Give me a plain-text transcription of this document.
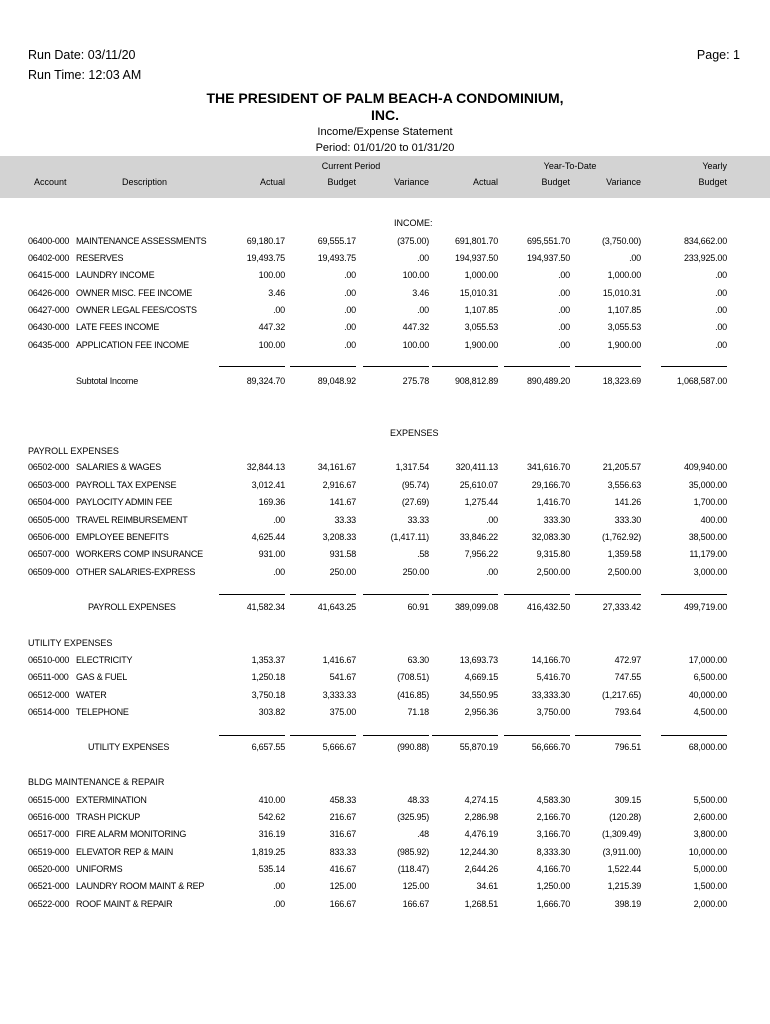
Run Date: 03/11/20
Run Time: 12:03 AM
Page: 1
THE PRESIDENT OF PALM BEACH-A CONDOMINIUM,
INC.
Income/Expense Statement
Period: 01/01/20 to 01/31/20
Current Period	Year-To-Date	Yearly
Account	Description	Actual	Budget	Variance	Actual	Budget	Variance	Budget
INCOME:
06400-000 MAINTENANCE ASSESSMENTS	69,180.17	69,555.17	(375.00)	691,801.70	695,551.70	(3,750.00)	834,662.00
06402-000 RESERVES	19,493.75	19,493.75	.00	194,937.50	194,937.50	.00	233,925.00
06415-000 LAUNDRY INCOME	100.00	.00	100.00	1,000.00	.00	1,000.00	.00
06426-000 OWNER MISC. FEE INCOME	3.46	.00	3.46	15,010.31	.00	15,010.31	.00
06427-000 OWNER LEGAL FEES/COSTS	.00	.00	.00	1,107.85	.00	1,107.85	.00
06430-000 LATE FEES INCOME	447.32	.00	447.32	3,055.53	.00	3,055.53	.00
06435-000 APPLICATION FEE INCOME	100.00	.00	100.00	1,900.00	.00	1,900.00	.00
Subtotal Income	89,324.70	89,048.92	275.78	908,812.89	890,489.20	18,323.69	1,068,587.00
EXPENSES
PAYROLL EXPENSES
06502-000 SALARIES & WAGES	32,844.13	34,161.67	1,317.54	320,411.13	341,616.70	21,205.57	409,940.00
06503-000 PAYROLL TAX EXPENSE	3,012.41	2,916.67	(95.74)	25,610.07	29,166.70	3,556.63	35,000.00
06504-000 PAYLOCITY ADMIN FEE	169.36	141.67	(27.69)	1,275.44	1,416.70	141.26	1,700.00
06505-000 TRAVEL REIMBURSEMENT	.00	33.33	33.33	.00	333.30	333.30	400.00
06506-000 EMPLOYEE BENEFITS	4,625.44	3,208.33	(1,417.11)	33,846.22	32,083.30	(1,762.92)	38,500.00
06507-000 WORKERS COMP INSURANCE	931.00	931.58	.58	7,956.22	9,315.80	1,359.58	11,179.00
06509-000 OTHER SALARIES-EXPRESS	.00	250.00	250.00	.00	2,500.00	2,500.00	3,000.00
PAYROLL EXPENSES	41,582.34	41,643.25	60.91	389,099.08	416,432.50	27,333.42	499,719.00
UTILITY EXPENSES
06510-000 ELECTRICITY	1,353.37	1,416.67	63.30	13,693.73	14,166.70	472.97	17,000.00
06511-000 GAS & FUEL	1,250.18	541.67	(708.51)	4,669.15	5,416.70	747.55	6,500.00
06512-000 WATER	3,750.18	3,333.33	(416.85)	34,550.95	33,333.30	(1,217.65)	40,000.00
06514-000 TELEPHONE	303.82	375.00	71.18	2,956.36	3,750.00	793.64	4,500.00
UTILITY EXPENSES	6,657.55	5,666.67	(990.88)	55,870.19	56,666.70	796.51	68,000.00
BLDG MAINTENANCE & REPAIR
06515-000 EXTERMINATION	410.00	458.33	48.33	4,274.15	4,583.30	309.15	5,500.00
06516-000 TRASH PICKUP	542.62	216.67	(325.95)	2,286.98	2,166.70	(120.28)	2,600.00
06517-000 FIRE ALARM MONITORING	316.19	316.67	.48	4,476.19	3,166.70	(1,309.49)	3,800.00
06519-000 ELEVATOR REP & MAIN	1,819.25	833.33	(985.92)	12,244.30	8,333.30	(3,911.00)	10,000.00
06520-000 UNIFORMS	535.14	416.67	(118.47)	2,644.26	4,166.70	1,522.44	5,000.00
06521-000 LAUNDRY ROOM MAINT & REP	.00	125.00	125.00	34.61	1,250.00	1,215.39	1,500.00
06522-000 ROOF MAINT & REPAIR	.00	166.67	166.67	1,268.51	1,666.70	398.19	2,000.00
